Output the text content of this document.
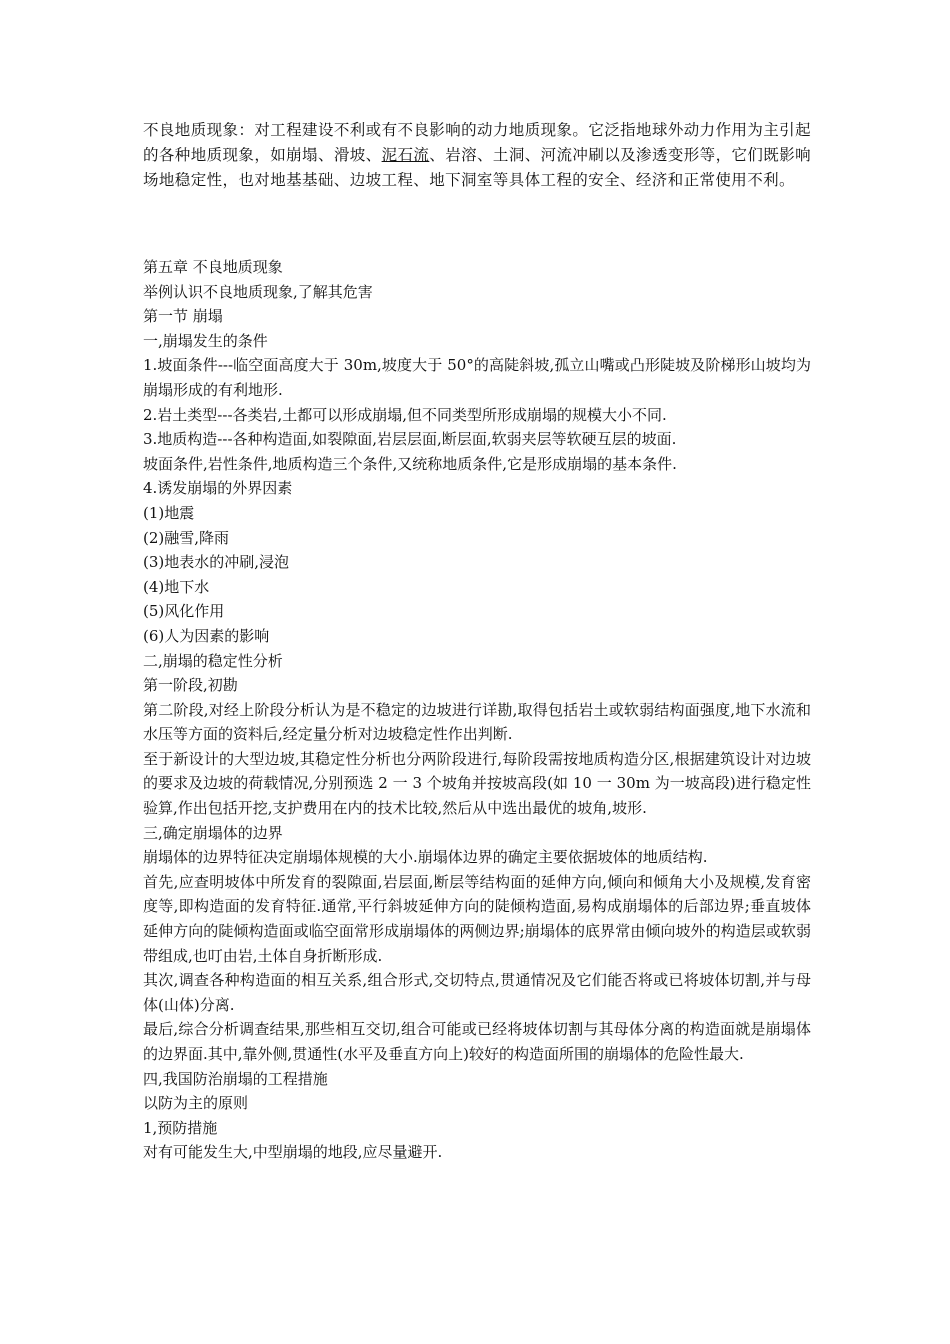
不良地质现象：对工程建设不利或有不良影响的动力地质现象。它泛指地球外动力作用为主引起的各种地质现象，如崩塌、滑坡、泥石流、岩溶、土洞、河流冲刷以及渗透变形等，它们既影响场地稳定性，也对地基基础、边坡工程、地下洞室等具体工程的安全、经济和正常使用不利。

第五章 不良地质现象

举例认识不良地质现象,了解其危害

第一节 崩塌

一,崩塌发生的条件

1.坡面条件---临空面高度大于 30m,坡度大于 50°的高陡斜坡,孤立山嘴或凸形陡坡及阶梯形山坡均为崩塌形成的有利地形.

2.岩土类型---各类岩,土都可以形成崩塌,但不同类型所形成崩塌的规模大小不同.

3.地质构造---各种构造面,如裂隙面,岩层层面,断层面,软弱夹层等软硬互层的坡面.

坡面条件,岩性条件,地质构造三个条件,又统称地质条件,它是形成崩塌的基本条件.

4.诱发崩塌的外界因素

(1)地震

(2)融雪,降雨

(3)地表水的冲刷,浸泡

(4)地下水

(5)风化作用

(6)人为因素的影响

二,崩塌的稳定性分析

第一阶段,初勘

第二阶段,对经上阶段分析认为是不稳定的边坡进行详勘,取得包括岩土或软弱结构面强度,地下水流和水压等方面的资料后,经定量分析对边坡稳定性作出判断.

至于新设计的大型边坡,其稳定性分析也分两阶段进行,每阶段需按地质构造分区,根据建筑设计对边坡的要求及边坡的荷载情况,分别预选 2 一 3 个坡角并按坡高段(如 10 一 30m 为一坡高段)进行稳定性验算,作出包括开挖,支护费用在内的技术比较,然后从中选出最优的坡角,坡形.

三,确定崩塌体的边界

崩塌体的边界特征决定崩塌体规模的大小.崩塌体边界的确定主要依据坡体的地质结构.

首先,应查明坡体中所发育的裂隙面,岩层面,断层等结构面的延伸方向,倾向和倾角大小及规模,发育密度等,即构造面的发育特征.通常,平行斜坡延伸方向的陡倾构造面,易构成崩塌体的后部边界;垂直坡体延伸方向的陡倾构造面或临空面常形成崩塌体的两侧边界;崩塌体的底界常由倾向坡外的构造层或软弱带组成,也叮由岩,土体自身折断形成.

其次,调查各种构造面的相互关系,组合形式,交切特点,贯通情况及它们能否将或已将坡体切割,并与母体(山体)分离.

最后,综合分析调查结果,那些相互交切,组合可能或已经将坡体切割与其母体分离的构造面就是崩塌体的边界面.其中,靠外侧,贯通性(水平及垂直方向上)较好的构造面所围的崩塌体的危险性最大.

四,我国防治崩塌的工程措施

以防为主的原则

1,预防措施

对有可能发生大,中型崩塌的地段,应尽量避开.
